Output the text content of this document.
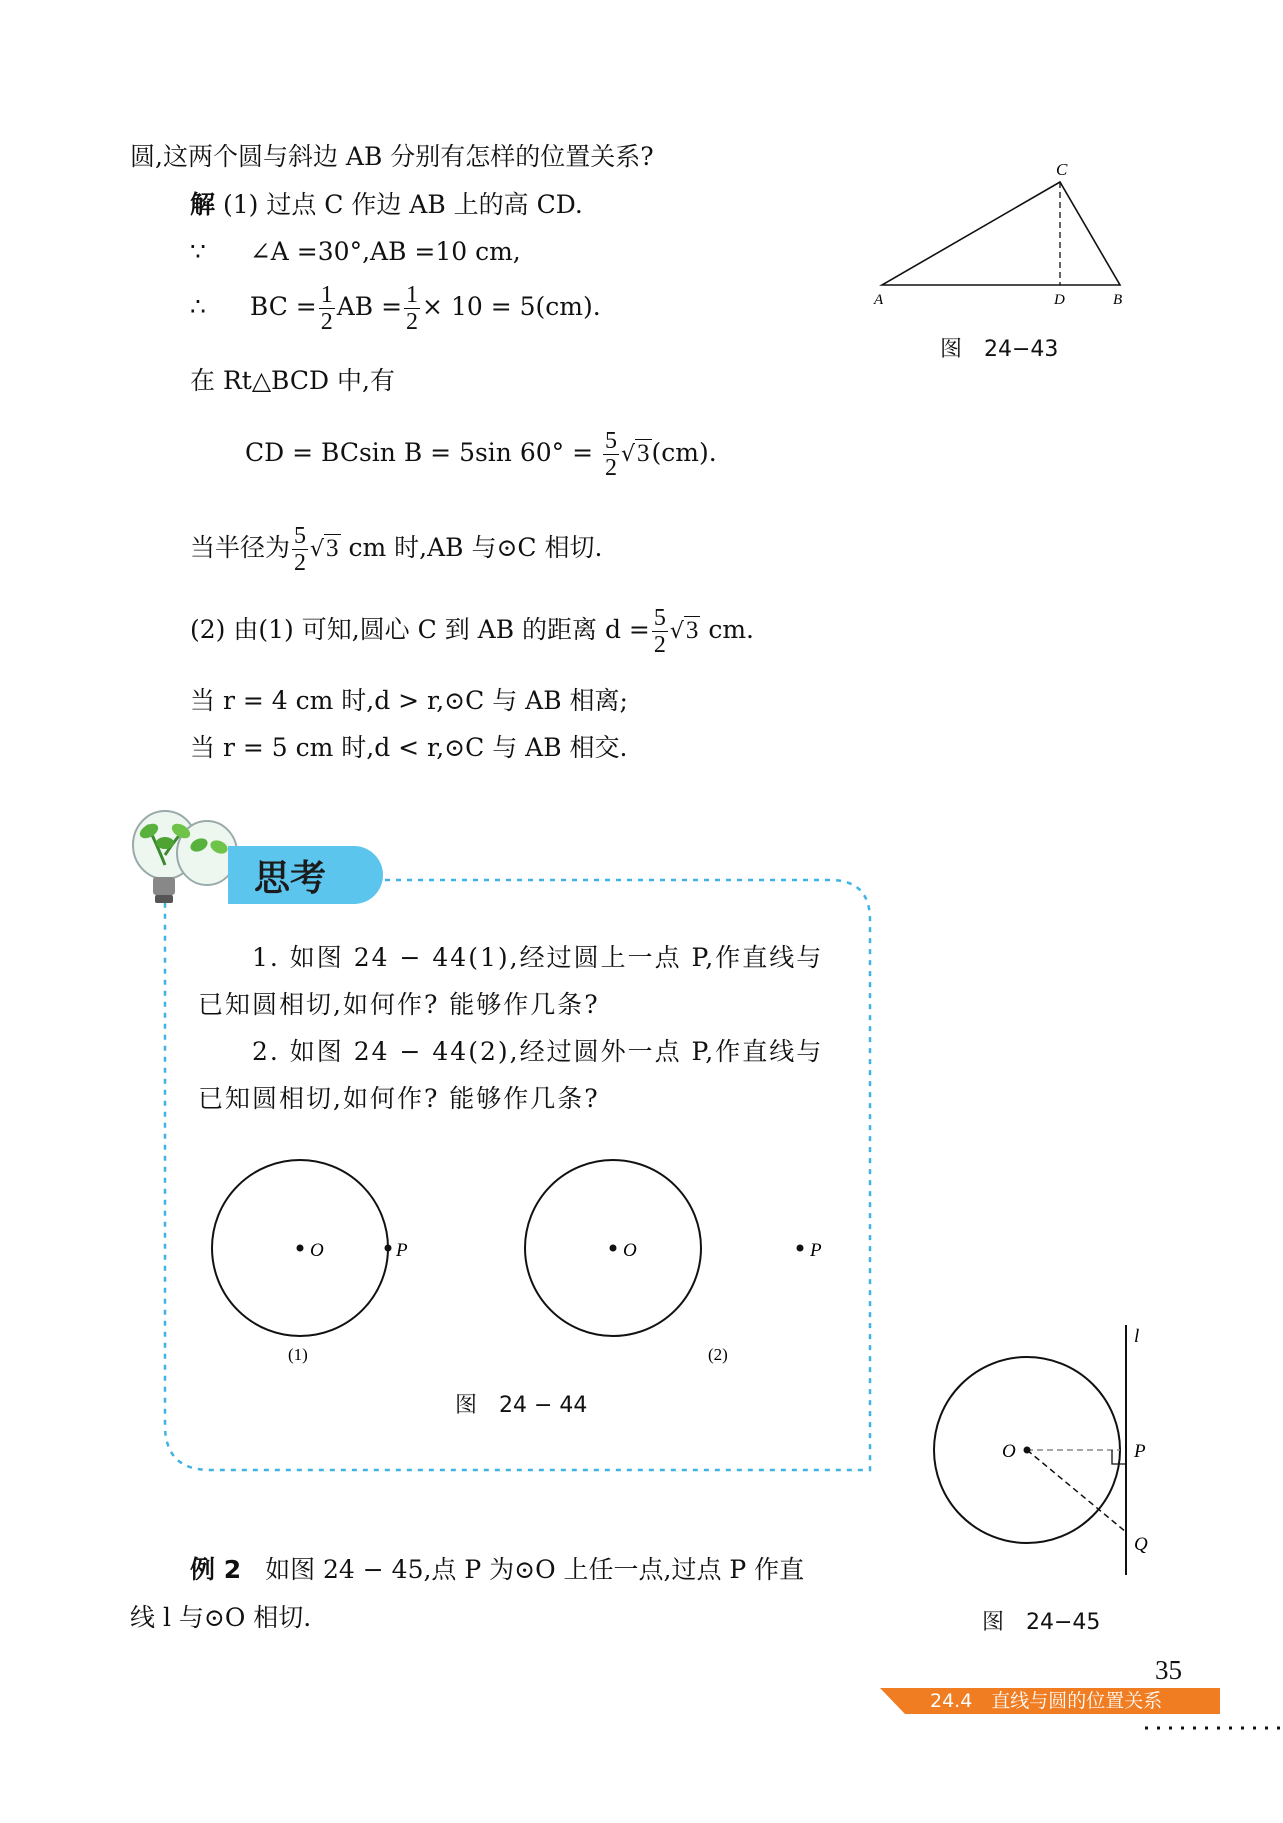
圆,这两个圆与斜边 AB 分别有怎样的位置关系?
解 (1) 过点 C 作边 AB 上的高 CD.
∵ ∠A =30°,AB =10 cm,
∴ BC = $\frac{1}{2}$ AB = $\frac{1}{2} \times 10 = 5(cm)$.
在 Rt△BCD 中,有
CD = BCsin B = 5sin $60^\circ = \frac{5}{2} √3(cm)$.
当半径为 $\frac{5}{2} √3$ cm 时,AB 与⊙C 相切.
(2) 由(1) 可知,圆心 C 到 AB 的距离 $d = \frac{5}{2} √3$ cm.
当 r = 4 cm 时,d > r,⊙C 与 AB 相离;
当 r = 5 cm 时,d < r,⊙C 与 AB 相交.
C
A	D	B
图　24−43
思考
1. 如图 24 − 44(1),经过圆上一点 P,作直线与
已知圆相切,如何作? 能够作几条?
2. 如图 24 − 44(2),经过圆外一点 P,作直线与
已知圆相切,如何作? 能够作几条?
O	P
(1)
O	P
(2)
图　24 − 44
l
O	P
Q
图　24−45
例 2 如图 24 − 45,点 P 为⊙O 上任一点,过点 P 作直
线 l 与⊙O 相切.
35
24.4　直线与圆的位置关系
